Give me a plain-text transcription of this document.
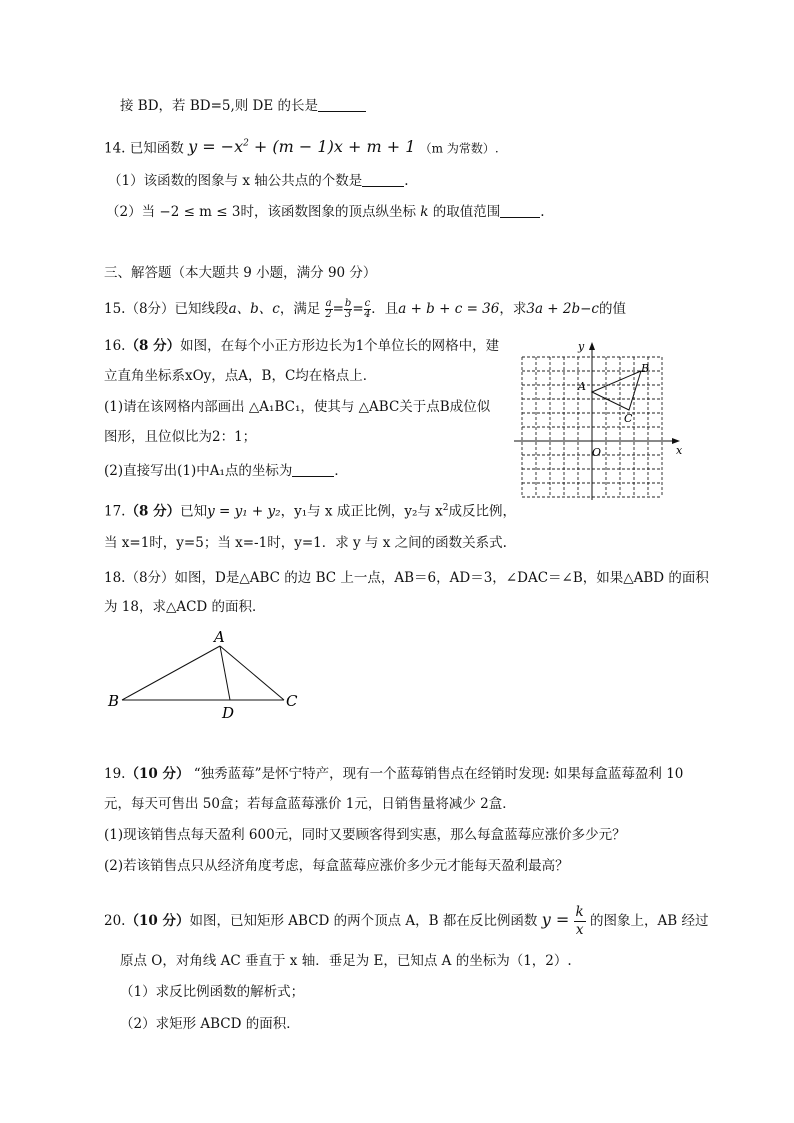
接 BD，若 BD=5,则 DE 的长是
14. 已知函数 $y = -x^2 + (m - 1)x + m + 1$ （m 为常数）.
（1）该函数的图象与 x 轴公共点的个数是	.
（2）当 −2 ≤ m ≤ 3时，该函数图象的顶点纵坐标 k 的取值范围	.
三、解答题（本大题共 9 小题，满分 90 分）
15.（8分）已知线段a、b、c，满足 $\frac{a}{2} = \frac{b}{3} = \frac{c}{4}$ ．且a + b + c = 36，求3a + 2b−c的值
16.（8 分）如图，在每个小正方形边长为1个单位长的网格中，建
立直角坐标系xOy，点A，B，C均在格点上．
(1)请在该网格内部画出 △A₁BC₁，使其与 △ABC关于点B成位似
图形，且位似比为2：1；
(2)直接写出(1)中A₁点的坐标为	．
x
y
O
A
B
C
17.（8 分）已知y = y₁ + y₂，y₁与 x 成正比例，y₂与 $x^2$成反比例，
当 x=1时，y=5；当 x=-1时，y=1．求 y 与 x 之间的函数关系式.
18.（8分）如图，D是△ABC 的边 BC 上一点，AB＝6，AD＝3，∠DAC＝∠B，如果△ABD 的面积
为 18，求△ACD 的面积．
A
B	C
D
19.（10 分） “独秀蓝莓”是怀宁特产，现有一个蓝莓销售点在经销时发现: 如果每盒蓝莓盈利 10
元，每天可售出 50盒；若每盒蓝莓涨价 1元，日销售量将减少 2盒．
(1)现该销售点每天盈利 600元，同时又要顾客得到实惠，那么每盒蓝莓应涨价多少元？
(2)若该销售点只从经济角度考虑，每盒蓝莓应涨价多少元才能每天盈利最高？
20.（10 分）如图，已知矩形 ABCD 的两个顶点 A，B 都在反比例函数 $y = \frac{k}{x}$ 的图象上，AB 经过
原点 O，对角线 AC 垂直于 x 轴．垂足为 E，已知点 A 的坐标为（1，2）.
（1）求反比例函数的解析式；
（2）求矩形 ABCD 的面积．
